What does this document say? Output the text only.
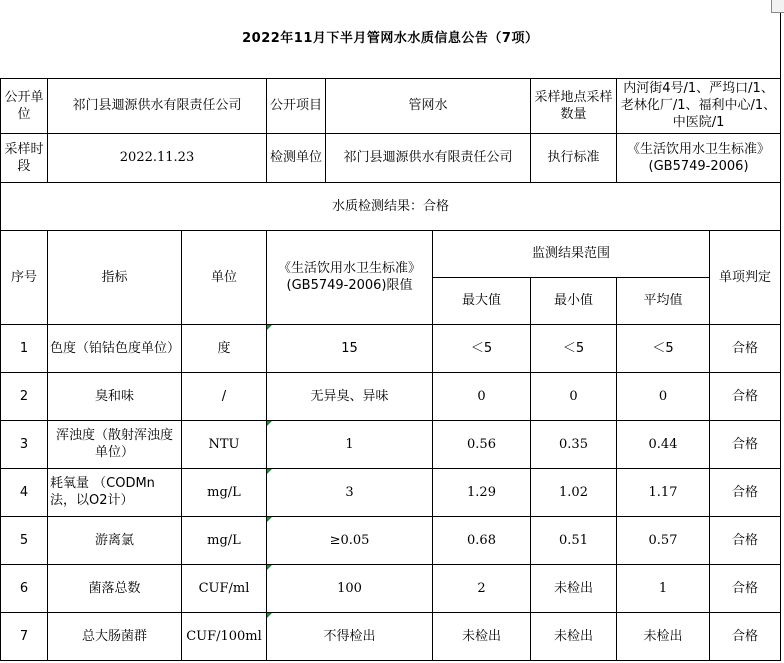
2022年11月下半月管网水水质信息公告（7项）							
公开单位	祁门县逥源供水有限责任公司		公开项目 管网水		采样地点采样数量	内河街4号/1、严坞口/1、老林化厂/1、福利中心/1、中医院/1	
采样时段	2022.11.23		检测单位 祁门县逥源供水有限责任公司		执行标准	《生活饮用水卫生标准》(GB5749-2006)	
水质检测结果：合格							
序号	指标	单位	《生活饮用水卫生标准》(GB5749-2006)限值	监测结果范围			单项判定
				最大值	最小值	平均值	
1	色度（铂钴色度单位）	度	15	＜5	＜5	＜5	合格
2	臭和味	/	无异臭、异味	0	0	0	合格
3	浑浊度（散射浑浊度单位）	NTU	1	0.56	0.35	0.44	合格
4	耗氧量 （CODMn法，以O2计）	mg/L	3	1.29	1.02	1.17	合格
5	游离氯	mg/L	≥0.05	0.68	0.51	0.57	合格
6	菌落总数	CUF/ml	100	2	未检出	1	合格
7	总大肠菌群	CUF/100ml	不得检出	未检出	未检出	未检出	合格
